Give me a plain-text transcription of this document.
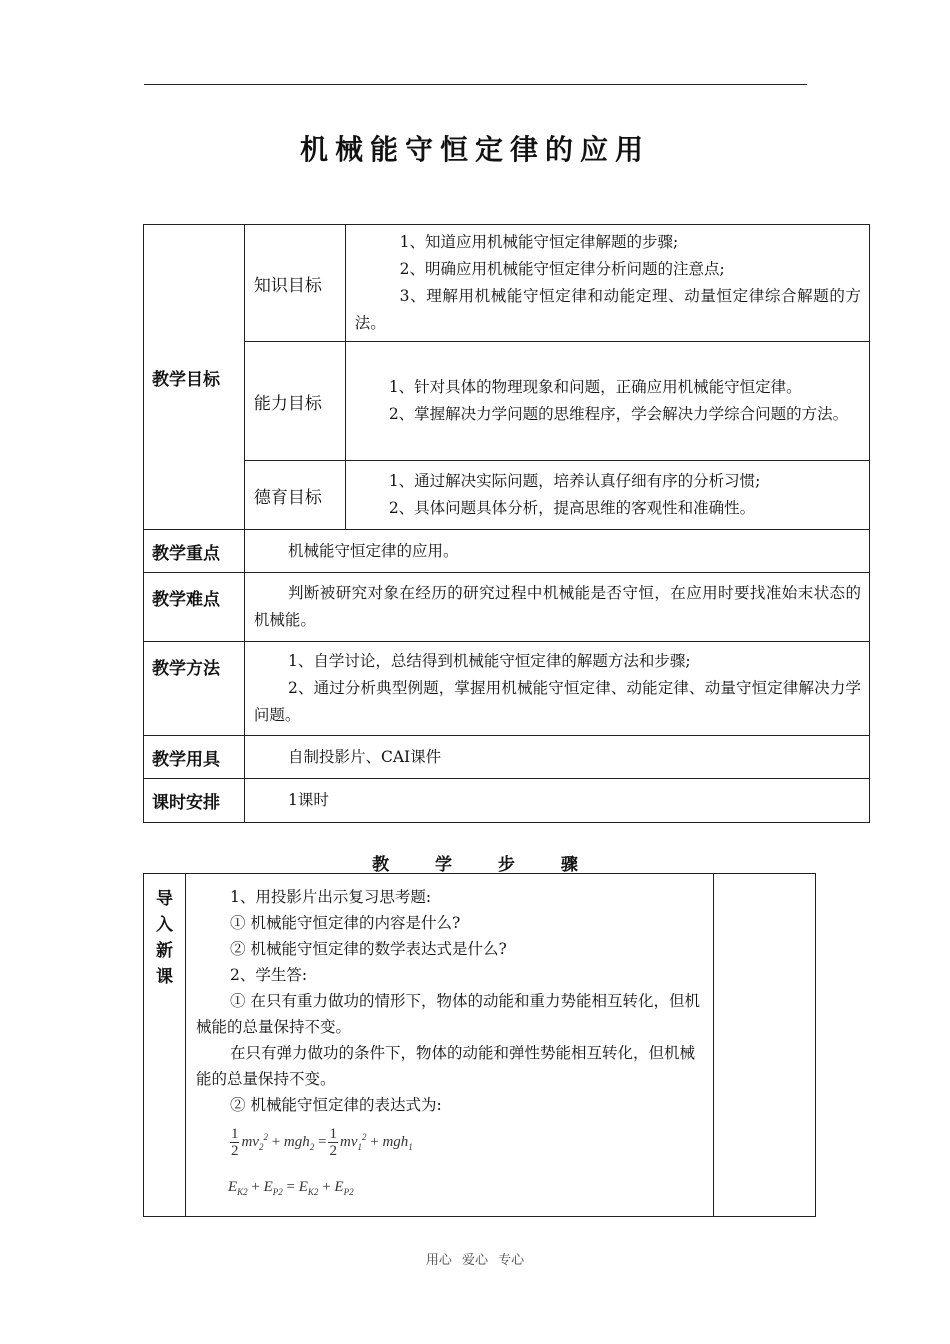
机械能守恒定律的应用
教学目标	知识目标	1、知道应用机械能守恒定律解题的步骤;

2、明确应用机械能守恒定律分析问题的注意点;

3、理解用机械能守恒定律和动能定理、动量恒定律综合解题的方法。

	能力目标	1、针对具体的物理现象和问题，正确应用机械能守恒定律。

2、掌握解决力学问题的思维程序，学会解决力学综合问题的方法。

	德育目标	1、通过解决实际问题，培养认真仔细有序的分析习惯;

2、具体问题具体分析，提高思维的客观性和准确性。

教学重点	机械能守恒定律的应用。	

教学难点	判断被研究对象在经历的研究过程中机械能是否守恒，在应用时要找准始末状态的机械能。	

教学方法	1、自学讨论，总结得到机械能守恒定律的解题方法和步骤;

2、通过分析典型例题，掌握用机械能守恒定律、动能定律、动量守恒定律解决力学问题。	

教学用具	自制投影片、CAI课件	

课时安排	1课时	

教 学 步 骤
导
入
新
课

1、用投影片出示复习思考题:

① 机械能守恒定律的内容是什么?

② 机械能守恒定律的数学表达式是什么?

2、学生答:

① 在只有重力做功的情形下，物体的动能和重力势能相互转化，但机械能的总量保持不变。

在只有弹力做功的条件下，物体的动能和弹性势能相互转化，但机械能的总量保持不变。

② 机械能守恒定律的表达式为:

$\frac{1}{2} mv_2^2 + mgh_2 = \frac{1}{2} mv_1^2 + mgh_1$
$E_{K2} + E_{P2} = E_{K2} + E_{P2}$

用心 爱心 专心
